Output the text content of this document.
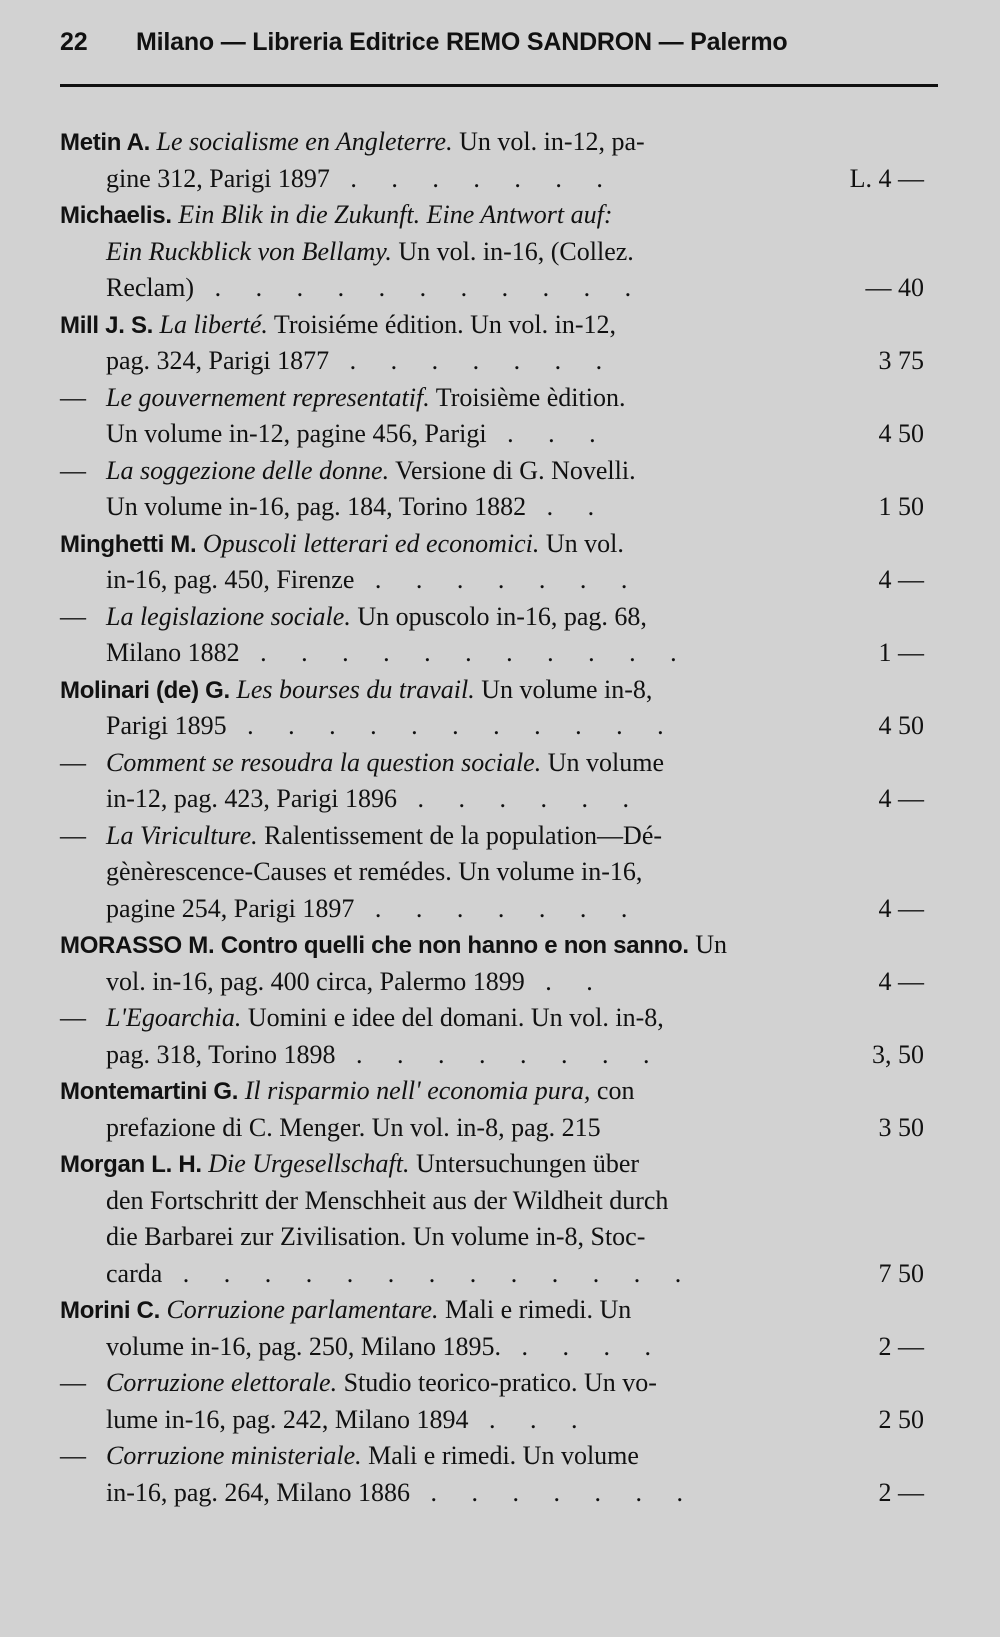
22 Milano — Libreria Editrice REMO SANDRON — Palermo
Metin A. Le socialisme en Angleterre. Un vol. in-12, pa-
gine 312, Parigi 1897 . . . . . . .	L. 4 —
Michaelis. Ein Blik in die Zukunft. Eine Antwort auf:
Ein Ruckblick von Bellamy. Un vol. in-16, (Collez.
Reclam) . . . . . . . . . . .	— 40
Mill J. S. La liberté. Troisiéme édition. Un vol. in-12,
pag. 324, Parigi 1877 . . . . . . .	3 75
— Le gouvernement representatif. Troisième èdition.
Un volume in-12, pagine 456, Parigi . . .	4 50
— La soggezione delle donne. Versione di G. Novelli.
Un volume in-16, pag. 184, Torino 1882 . .	1 50
Minghetti M. Opuscoli letterari ed economici. Un vol.
in-16, pag. 450, Firenze . . . . . . .	4 —
— La legislazione sociale. Un opuscolo in-16, pag. 68,
Milano 1882 . . . . . . . . . . .	1 —
Molinari (de) G. Les bourses du travail. Un volume in-8,
Parigi 1895 . . . . . . . . . . .	4 50
— Comment se resoudra la question sociale. Un volume
in-12, pag. 423, Parigi 1896 . . . . . .	4 —
— La Viriculture. Ralentissement de la population—Dé-
gènèrescence-Causes et remédes. Un volume in-16,
pagine 254, Parigi 1897 . . . . . . .	4 —
MORASSO M. Contro quelli che non hanno e non sanno. Un
vol. in-16, pag. 400 circa, Palermo 1899 . .	4 —
— L'Egoarchia. Uomini e idee del domani. Un vol. in-8,
pag. 318, Torino 1898 . . . . . . . .	3, 50
Montemartini G. Il risparmio nell' economia pura, con
prefazione di C. Menger. Un vol. in-8, pag. 215	3 50
Morgan L. H. Die Urgesellschaft. Untersuchungen über
den Fortschritt der Menschheit aus der Wildheit durch
die Barbarei zur Zivilisation. Un volume in-8, Stoc-
carda . . . . . . . . . . . . .	7 50
Morini C. Corruzione parlamentare. Mali e rimedi. Un
volume in-16, pag. 250, Milano 1895. . . . .	2 —
— Corruzione elettorale. Studio teorico-pratico. Un vo-
lume in-16, pag. 242, Milano 1894 . . .	2 50
— Corruzione ministeriale. Mali e rimedi. Un volume
in-16, pag. 264, Milano 1886 . . . . . . .	2 —
